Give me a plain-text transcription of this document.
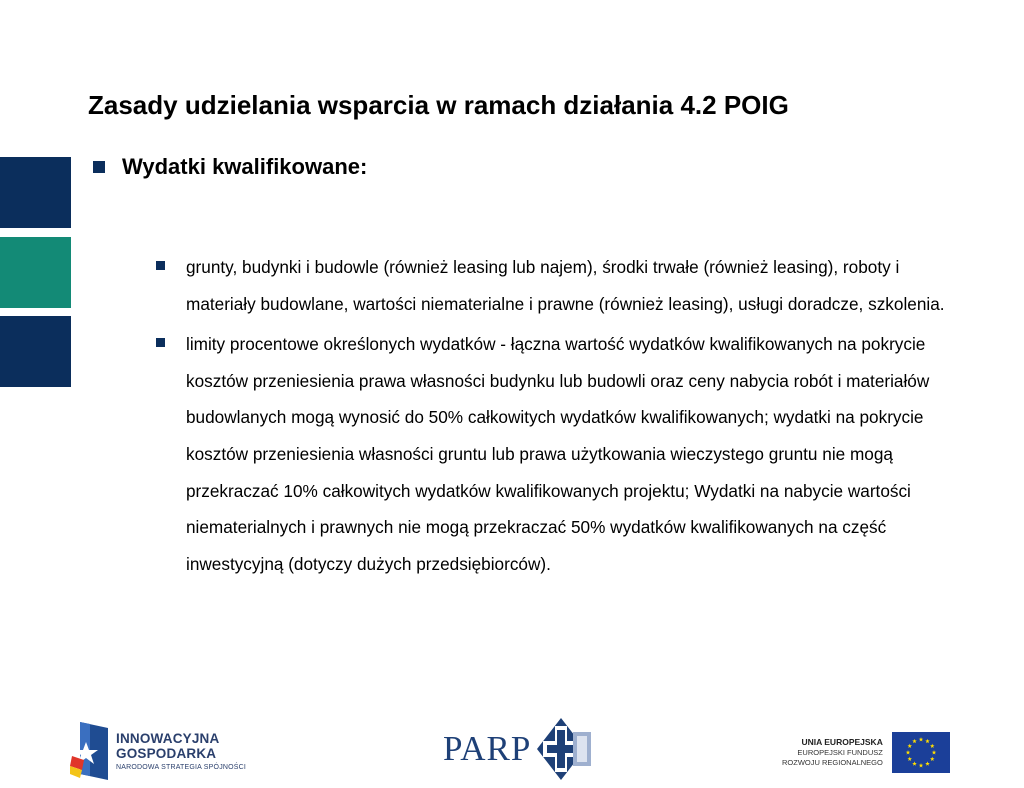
Zasady udzielania wsparcia w ramach działania 4.2 POIG
Wydatki kwalifikowane:
grunty, budynki i budowle (również leasing lub najem), środki trwałe (również leasing), roboty i materiały budowlane, wartości niematerialne i prawne (również leasing), usługi doradcze, szkolenia.
limity procentowe określonych wydatków - łączna wartość wydatków kwalifikowanych na pokrycie kosztów przeniesienia prawa własności budynku lub budowli oraz ceny nabycia robót i materiałów budowlanych mogą wynosić do 50% całkowitych wydatków kwalifikowanych; wydatki na pokrycie kosztów przeniesienia własności gruntu lub prawa użytkowania wieczystego gruntu nie mogą przekraczać 10% całkowitych wydatków kwalifikowanych projektu; Wydatki na nabycie wartości niematerialnych i prawnych nie mogą przekraczać 50% wydatków kwalifikowanych na część inwestycyjną (dotyczy dużych przedsiębiorców).
INNOWACYJNA
GOSPODARKA
NARODOWA STRATEGIA SPÓJNOŚCI	PARP	UNIA EUROPEJSKA
EUROPEJSKI FUNDUSZ
ROZWOJU REGIONALNEGO
